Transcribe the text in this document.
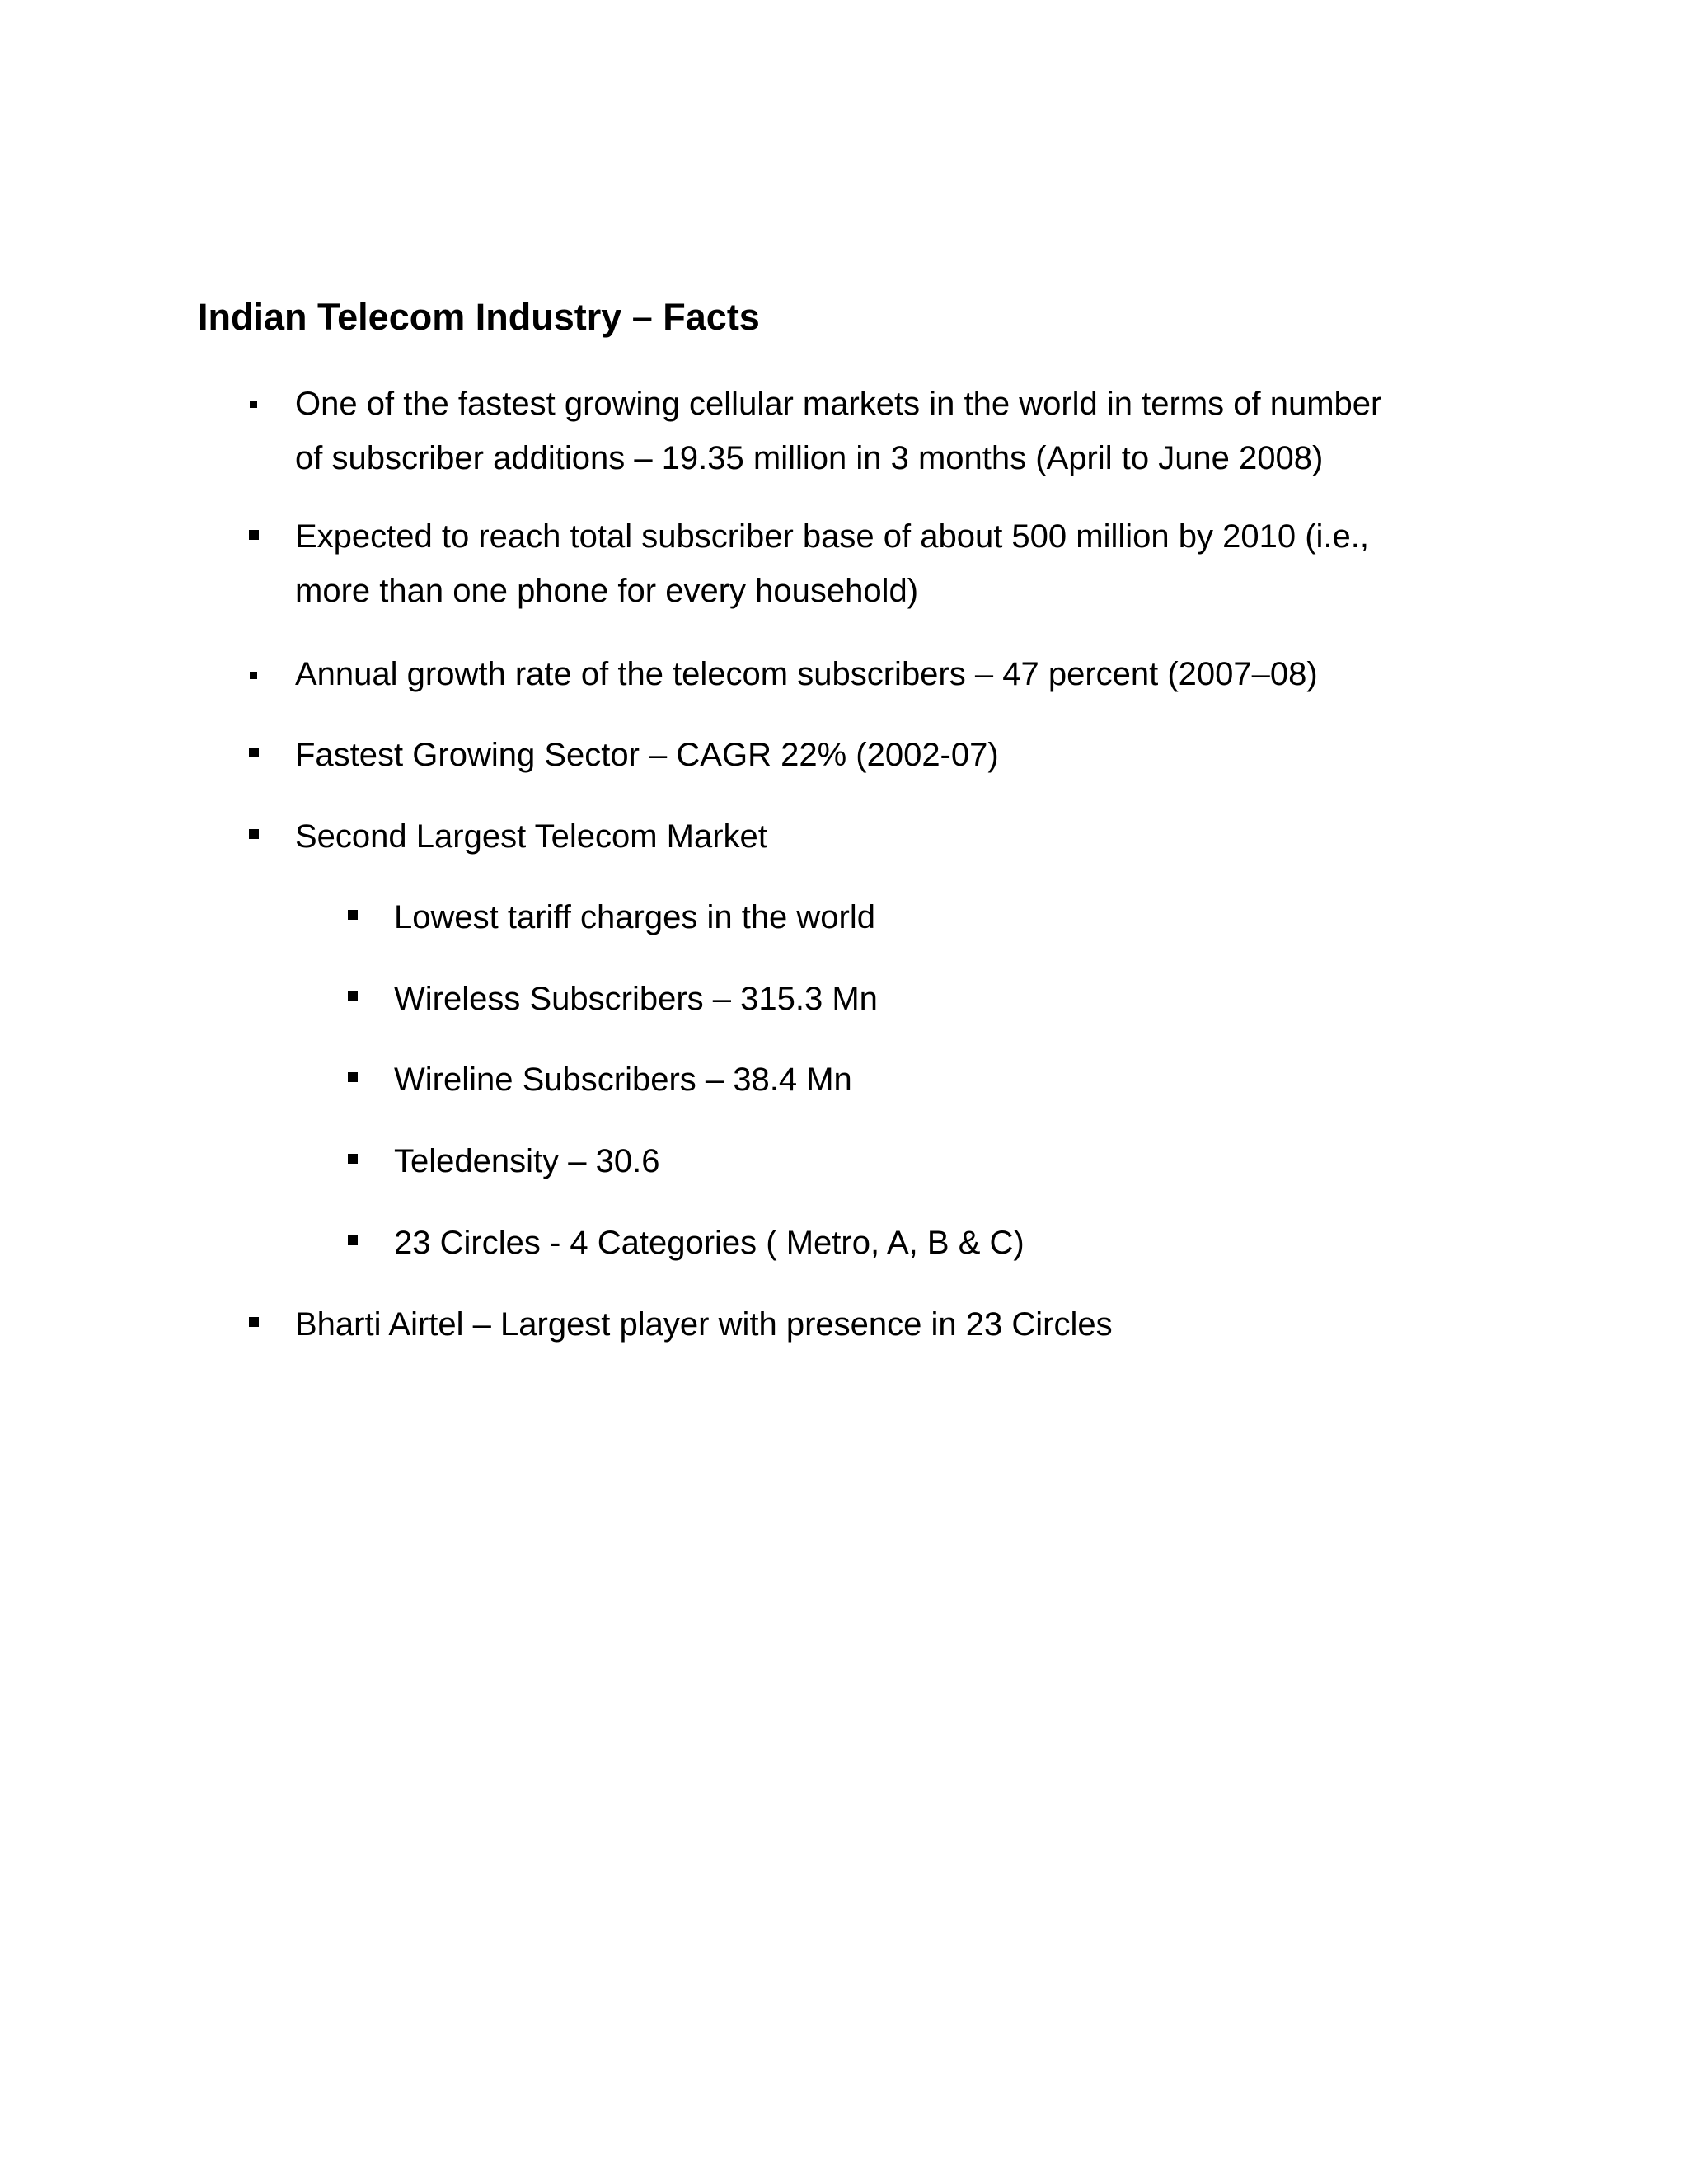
Indian Telecom Industry – Facts
One of the fastest growing cellular markets in the world in terms of number
of subscriber additions – 19.35 million in 3 months (April to June 2008)
Expected to reach total subscriber base of about 500 million by 2010 (i.e.,
more than one phone for every household)
Annual growth rate of the telecom subscribers – 47 percent (2007–08)
Fastest Growing Sector – CAGR 22% (2002-07)
Second Largest Telecom Market
Lowest tariff charges in the world
Wireless Subscribers – 315.3 Mn
Wireline Subscribers – 38.4 Mn
Teledensity – 30.6
23 Circles - 4 Categories ( Metro, A, B & C)
Bharti Airtel – Largest player with presence in 23 Circles
